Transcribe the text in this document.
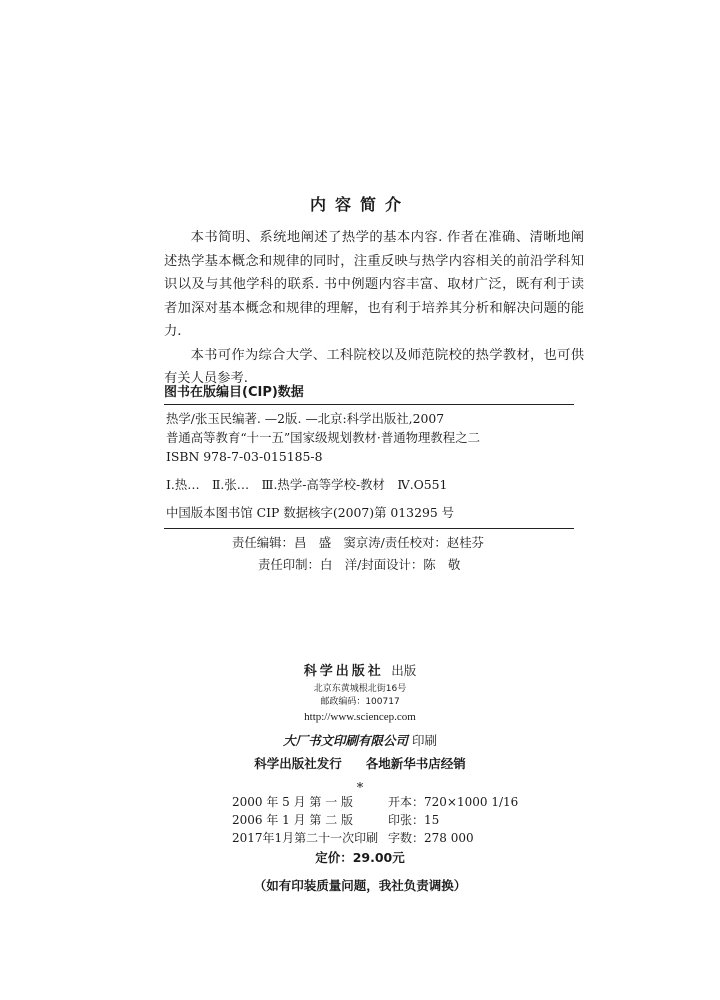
内容简介

本书简明、系统地阐述了热学的基本内容. 作者在准确、清晰地阐述热学基本概念和规律的同时，注重反映与热学内容相关的前沿学科知识以及与其他学科的联系. 书中例题内容丰富、取材广泛，既有利于读者加深对基本概念和规律的理解，也有利于培养其分析和解决问题的能力.

本书可作为综合大学、工科院校以及师范院校的热学教材，也可供有关人员参考.

图书在版编目(CIP)数据
热学/张玉民编著. —2版. —北京:科学出版社,2007
普通高等教育“十一五”国家级规划教材·普通物理教程之二
ISBN 978-7-03-015185-8
Ⅰ.热…　Ⅱ.张…　Ⅲ.热学-高等学校-教材　Ⅳ.O551
中国版本图书馆 CIP 数据核字(2007)第 013295 号
责任编辑：昌　盛　窦京涛/责任校对：赵桂芬
责任印制：白　洋/封面设计：陈　敬
科学出版社 出版
北京东黄城根北街16号
邮政编码：100717
http://www.sciencep.com
大厂书文印刷有限公司 印刷
科学出版社发行 各地新华书店经销
*
2000 年 5 月 第 一 版	开本：720×1000 1/16
2006 年 1 月 第 二 版	印张：15
2017年1月第二十一次印刷 字数：278 000
定价：29.00元
（如有印装质量问题，我社负责调换）
